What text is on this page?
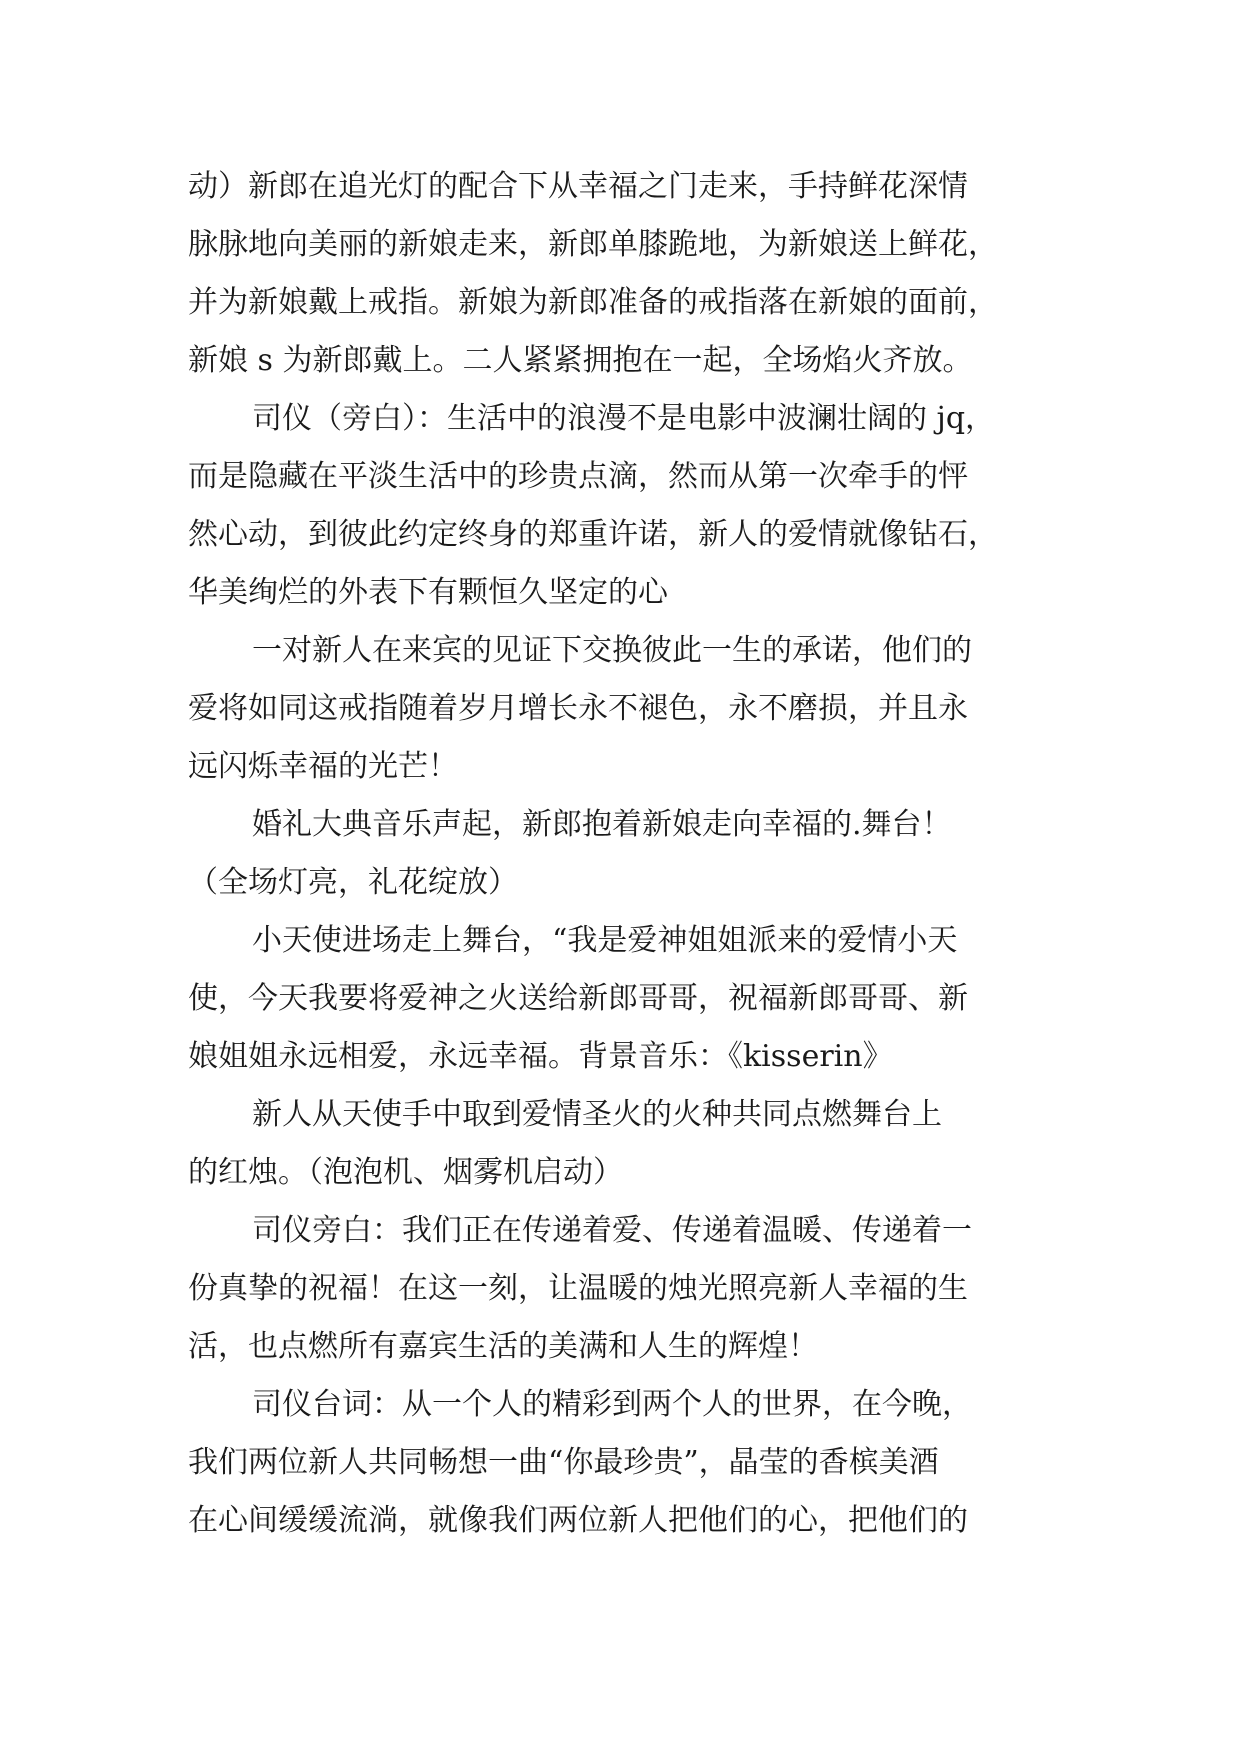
动）新郎在追光灯的配合下从幸福之门走来，手持鲜花深情
脉脉地向美丽的新娘走来，新郎单膝跪地，为新娘送上鲜花，
并为新娘戴上戒指。新娘为新郎准备的戒指落在新娘的面前，
新娘 s 为新郎戴上。二人紧紧拥抱在一起，全场焰火齐放。
司仪（旁白）：生活中的浪漫不是电影中波澜壮阔的 jq，
而是隐藏在平淡生活中的珍贵点滴，然而从第一次牵手的怦
然心动，到彼此约定终身的郑重许诺，新人的爱情就像钻石，
华美绚烂的外表下有颗恒久坚定的心
一对新人在来宾的见证下交换彼此一生的承诺，他们的
爱将如同这戒指随着岁月增长永不褪色，永不磨损，并且永
远闪烁幸福的光芒！
婚礼大典音乐声起，新郎抱着新娘走向幸福的.舞台！
（全场灯亮，礼花绽放）
小天使进场走上舞台，“我是爱神姐姐派来的爱情小天
使，今天我要将爱神之火送给新郎哥哥，祝福新郎哥哥、新
娘姐姐永远相爱，永远幸福。背景音乐：《kisserin》
新人从天使手中取到爱情圣火的火种共同点燃舞台上
的红烛。（泡泡机、烟雾机启动）
司仪旁白：我们正在传递着爱、传递着温暖、传递着一
份真挚的祝福！在这一刻，让温暖的烛光照亮新人幸福的生
活，也点燃所有嘉宾生活的美满和人生的辉煌！
司仪台词：从一个人的精彩到两个人的世界，在今晚，
我们两位新人共同畅想一曲“你最珍贵”，晶莹的香槟美酒
在心间缓缓流淌，就像我们两位新人把他们的心，把他们的
